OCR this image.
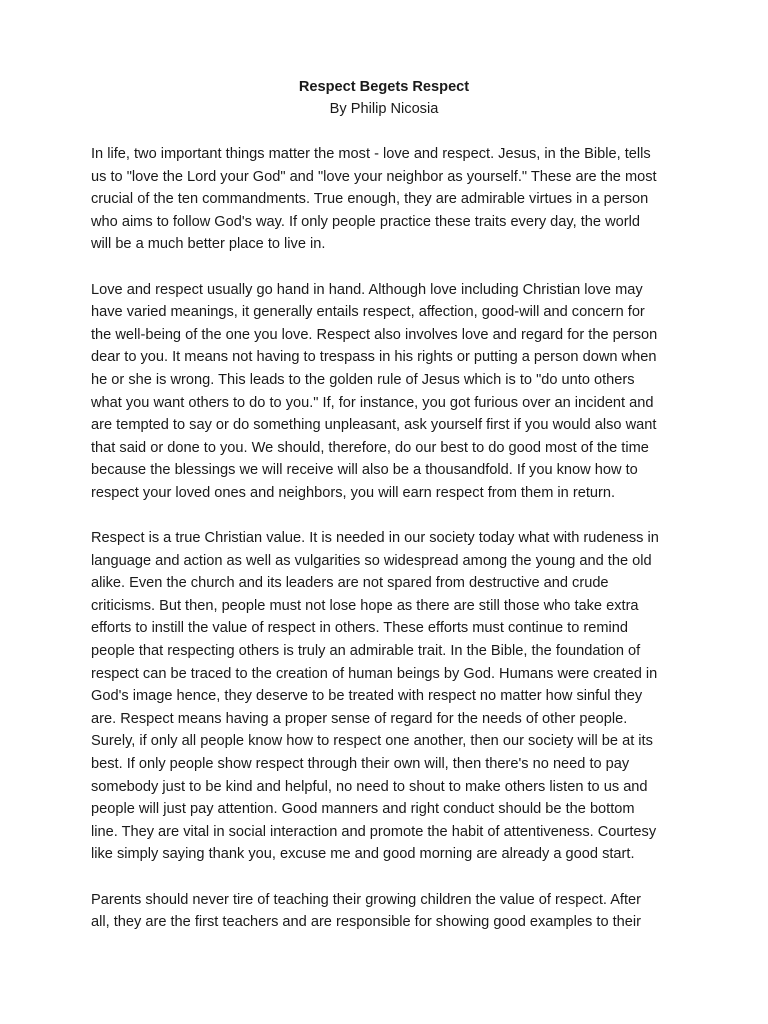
Respect Begets Respect
By Philip Nicosia

In life, two important things matter the most - love and respect. Jesus, in the Bible, tells
us to "love the Lord your God" and "love your neighbor as yourself." These are the most
crucial of the ten commandments. True enough, they are admirable virtues in a person
who aims to follow God's way. If only people practice these traits every day, the world
will be a much better place to live in.

Love and respect usually go hand in hand. Although love including Christian love may
have varied meanings, it generally entails respect, affection, good-will and concern for
the well-being of the one you love. Respect also involves love and regard for the person
dear to you. It means not having to trespass in his rights or putting a person down when
he or she is wrong. This leads to the golden rule of Jesus which is to "do unto others
what you want others to do to you." If, for instance, you got furious over an incident and
are tempted to say or do something unpleasant, ask yourself first if you would also want
that said or done to you. We should, therefore, do our best to do good most of the time
because the blessings we will receive will also be a thousandfold. If you know how to
respect your loved ones and neighbors, you will earn respect from them in return.

Respect is a true Christian value. It is needed in our society today what with rudeness in
language and action as well as vulgarities so widespread among the young and the old
alike. Even the church and its leaders are not spared from destructive and crude
criticisms. But then, people must not lose hope as there are still those who take extra
efforts to instill the value of respect in others. These efforts must continue to remind
people that respecting others is truly an admirable trait. In the Bible, the foundation of
respect can be traced to the creation of human beings by God. Humans were created in
God's image hence, they deserve to be treated with respect no matter how sinful they
are. Respect means having a proper sense of regard for the needs of other people.
Surely, if only all people know how to respect one another, then our society will be at its
best. If only people show respect through their own will, then there's no need to pay
somebody just to be kind and helpful, no need to shout to make others listen to us and
people will just pay attention. Good manners and right conduct should be the bottom
line. They are vital in social interaction and promote the habit of attentiveness. Courtesy
like simply saying thank you, excuse me and good morning are already a good start.

Parents should never tire of teaching their growing children the value of respect. After
all, they are the first teachers and are responsible for showing good examples to their
